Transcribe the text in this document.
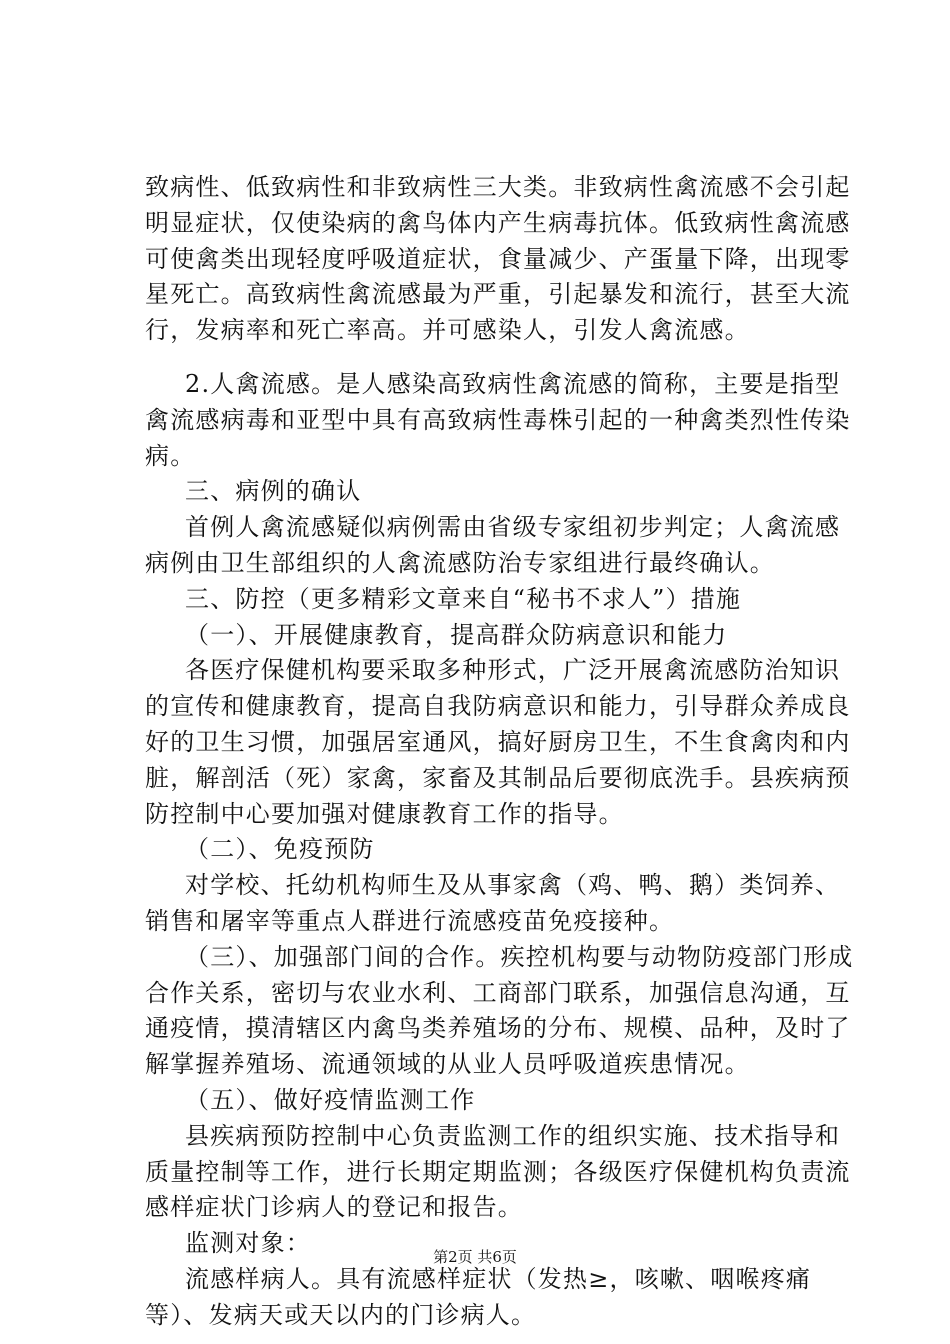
致病性、低致病性和非致病性三大类。非致病性禽流感不会引起明显症状，仅使染病的禽鸟体内产生病毒抗体。低致病性禽流感可使禽类出现轻度呼吸道症状，食量减少、产蛋量下降，出现零星死亡。高致病性禽流感最为严重，引起暴发和流行，甚至大流行，发病率和死亡率高。并可感染人，引发人禽流感。

2.人禽流感。是人感染高致病性禽流感的简称，主要是指型禽流感病毒和亚型中具有高致病性毒株引起的一种禽类烈性传染病。

三、病例的确认

首例人禽流感疑似病例需由省级专家组初步判定；人禽流感病例由卫生部组织的人禽流感防治专家组进行最终确认。

三、防控（更多精彩文章来自“秘书不求人”）措施

（一）、开展健康教育，提高群众防病意识和能力

各医疗保健机构要采取多种形式，广泛开展禽流感防治知识的宣传和健康教育，提高自我防病意识和能力，引导群众养成良好的卫生习惯，加强居室通风，搞好厨房卫生，不生食禽肉和内脏，解剖活（死）家禽，家畜及其制品后要彻底洗手。县疾病预防控制中心要加强对健康教育工作的指导。

（二）、免疫预防

对学校、托幼机构师生及从事家禽（鸡、鸭、鹅）类饲养、销售和屠宰等重点人群进行流感疫苗免疫接种。

（三）、加强部门间的合作。疾控机构要与动物防疫部门形成合作关系，密切与农业水利、工商部门联系，加强信息沟通，互通疫情，摸清辖区内禽鸟类养殖场的分布、规模、品种，及时了解掌握养殖场、流通领域的从业人员呼吸道疾患情况。

（五）、做好疫情监测工作

县疾病预防控制中心负责监测工作的组织实施、技术指导和质量控制等工作，进行长期定期监测；各级医疗保健机构负责流感样症状门诊病人的登记和报告。

监测对象：

流感样病人。具有流感样症状（发热≥，咳嗽、咽喉疼痛等）、发病天或天以内的门诊病人。

第2页 共6页
